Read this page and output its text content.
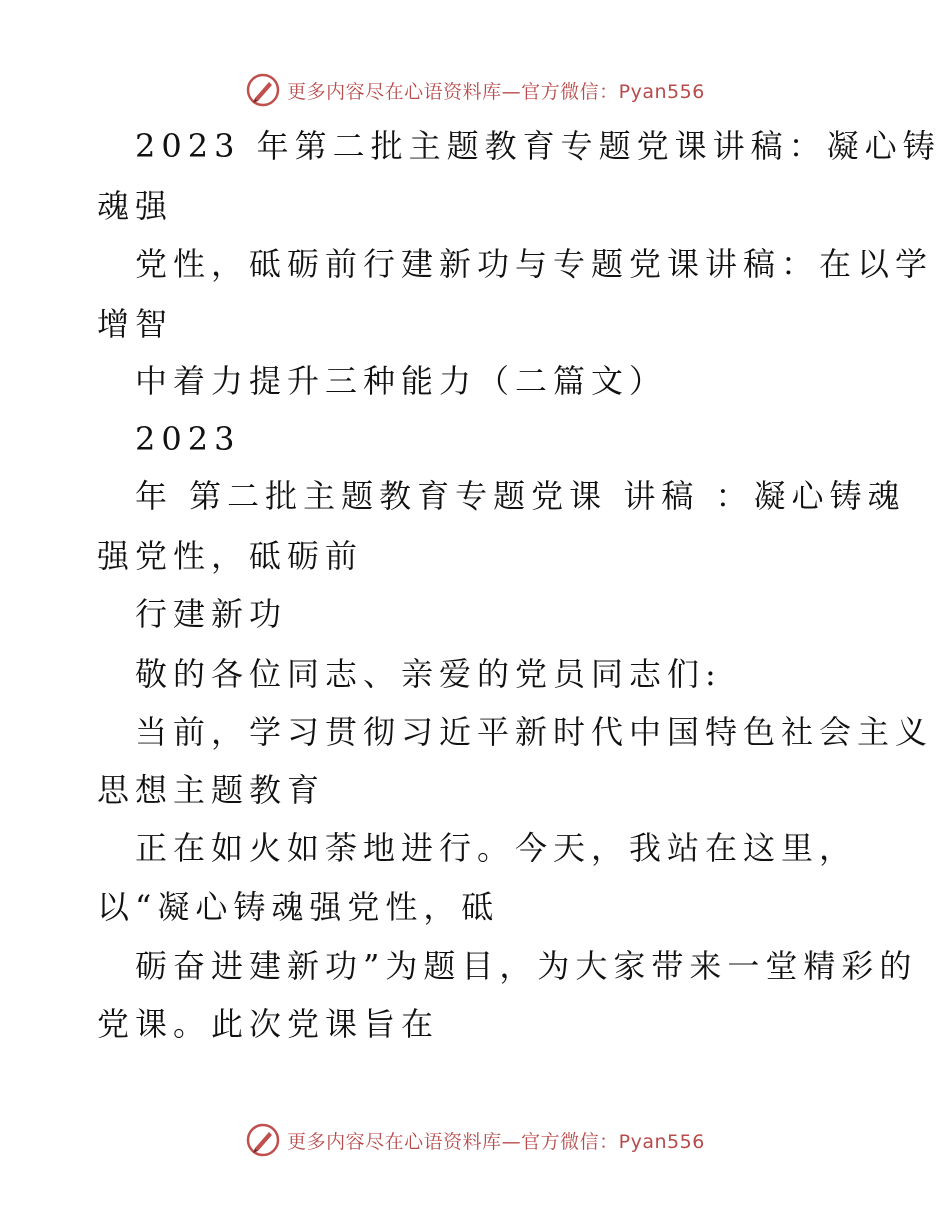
更多内容尽在心语资料库—官方微信：Pyan556
2023 年第二批主题教育专题党课讲稿：凝心铸
魂强
党性，砥砺前行建新功与专题党课讲稿：在以学
增智
中着力提升三种能力（二篇文）
2023
年 第二批主题教育专题党课 讲稿 ：凝心铸魂
强党性，砥砺前
行建新功
敬的各位同志、亲爱的党员同志们:
当前，学习贯彻习近平新时代中国特色社会主义
思想主题教育
正在如火如荼地进行。今天，我站在这里，
以“凝心铸魂强党性，砥
砺奋进建新功”为题目，为大家带来一堂精彩的
党课。此次党课旨在
更多内容尽在心语资料库—官方微信：Pyan556
